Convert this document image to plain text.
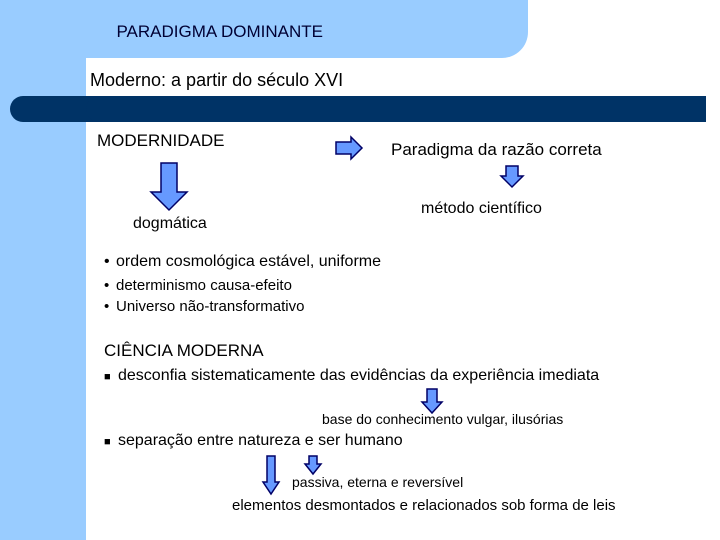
PARADIGMA DOMINANTE
Moderno: a partir do século XVI
MODERNIDADE	Paradigma da razão correta
dogmática
método científico
• ordem cosmológica estável, uniforme
• determinismo causa-efeito
• Universo não-transformativo
CIÊNCIA MODERNA
■ desconfia sistematicamente das evidências da experiência imediata
base do conhecimento vulgar, ilusórias
■ separação entre natureza e ser humano
passiva, eterna e reversível
elementos desmontados e relacionados sob forma de leis
